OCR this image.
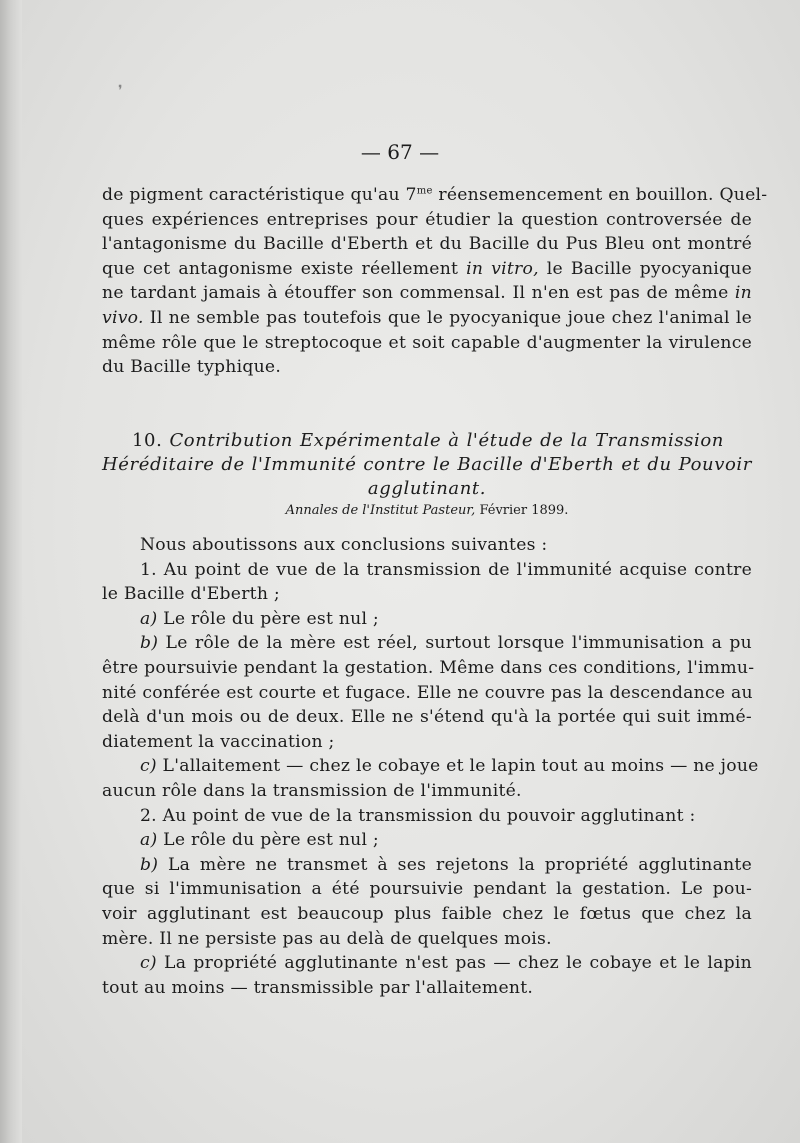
❜
— 67 —
de pigment caractéristique qu'au $7^{me}$ réensemencement en bouillon. Quel-
ques expériences entreprises pour étudier la question controversée de
l'antagonisme du Bacille d'Eberth et du Bacille du Pus Bleu ont montré
que cet antagonisme existe réellement in vitro, le Bacille pyocyanique
ne tardant jamais à étouffer son commensal. Il n'en est pas de même in
vivo. Il ne semble pas toutefois que le pyocyanique joue chez l'animal le
même rôle que le streptocoque et soit capable d'augmenter la virulence
du Bacille typhique.
10. Contribution Expérimentale à l'étude de la Transmission
Héréditaire de l'Immunité contre le Bacille d'Eberth et du Pouvoir
agglutinant.
Annales de l'Institut Pasteur, Février 1899.
Nous aboutissons aux conclusions suivantes :
1. Au point de vue de la transmission de l'immunité acquise contre
le Bacille d'Eberth ;
a) Le rôle du père est nul ;
b) Le rôle de la mère est réel, surtout lorsque l'immunisation a pu
être poursuivie pendant la gestation. Même dans ces conditions, l'immu-
nité conférée est courte et fugace. Elle ne couvre pas la descendance au
delà d'un mois ou de deux. Elle ne s'étend qu'à la portée qui suit immé-
diatement la vaccination ;
c) L'allaitement — chez le cobaye et le lapin tout au moins — ne joue
aucun rôle dans la transmission de l'immunité.
2. Au point de vue de la transmission du pouvoir agglutinant :
a) Le rôle du père est nul ;
b) La mère ne transmet à ses rejetons la propriété agglutinante
que si l'immunisation a été poursuivie pendant la gestation. Le pou-
voir agglutinant est beaucoup plus faible chez le fœtus que chez la
mère. Il ne persiste pas au delà de quelques mois.
c) La propriété agglutinante n'est pas — chez le cobaye et le lapin
tout au moins — transmissible par l'allaitement.
